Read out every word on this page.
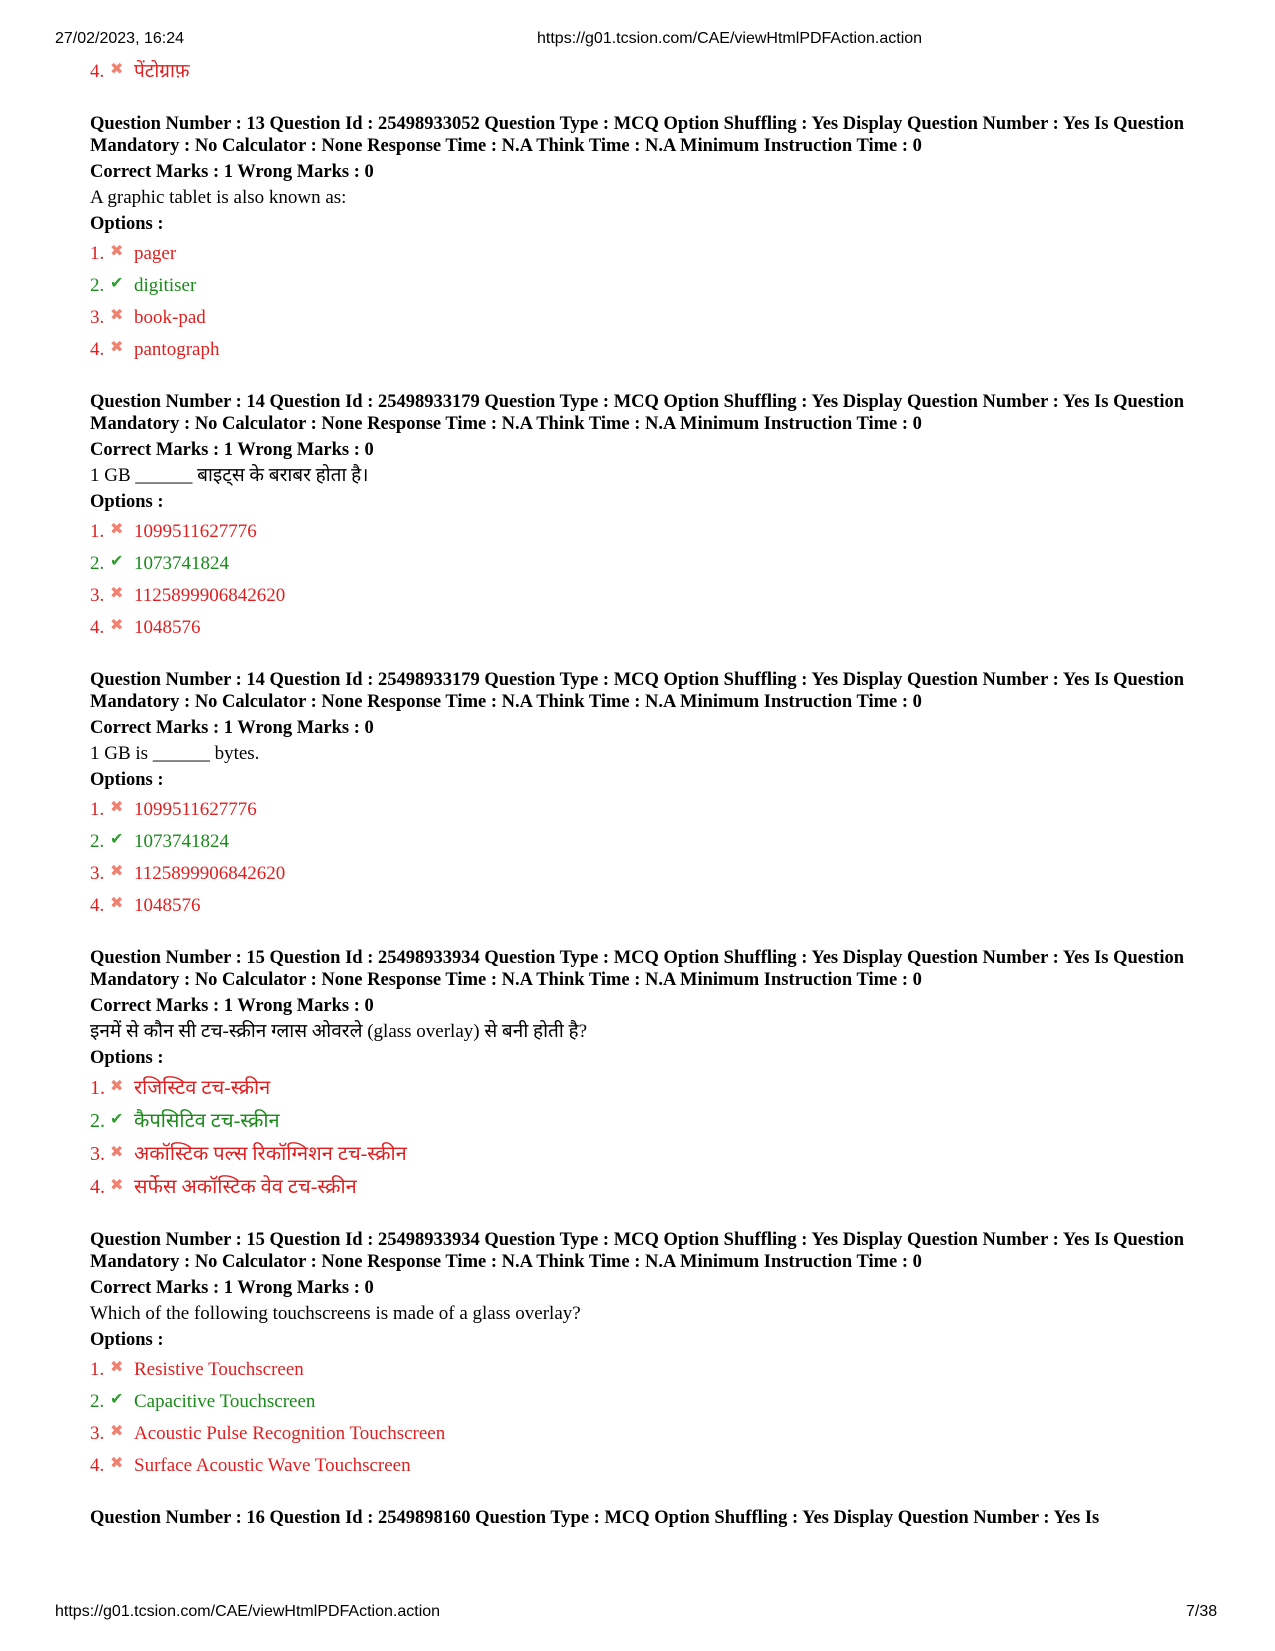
27/02/2023, 16:24	https://g01.tcsion.com/CAE/viewHtmlPDFAction.action
4. ✖ पेंटोग्राफ़
Question Number : 13 Question Id : 25498933052 Question Type : MCQ Option Shuffling : Yes Display Question Number : Yes Is Question Mandatory : No Calculator : None Response Time : N.A Think Time : N.A Minimum Instruction Time : 0
Correct Marks : 1 Wrong Marks : 0
A graphic tablet is also known as:
Options :
1. ✖ pager
2. ✔ digitiser
3. ✖ book-pad
4. ✖ pantograph
Question Number : 14 Question Id : 25498933179 Question Type : MCQ Option Shuffling : Yes Display Question Number : Yes Is Question Mandatory : No Calculator : None Response Time : N.A Think Time : N.A Minimum Instruction Time : 0
Correct Marks : 1 Wrong Marks : 0
1 GB ______ बाइट्स के बराबर होता है।
Options :
1. ✖ 1099511627776
2. ✔ 1073741824
3. ✖ 1125899906842620
4. ✖ 1048576
Question Number : 14 Question Id : 25498933179 Question Type : MCQ Option Shuffling : Yes Display Question Number : Yes Is Question Mandatory : No Calculator : None Response Time : N.A Think Time : N.A Minimum Instruction Time : 0
Correct Marks : 1 Wrong Marks : 0
1 GB is ______ bytes.
Options :
1. ✖ 1099511627776
2. ✔ 1073741824
3. ✖ 1125899906842620
4. ✖ 1048576
Question Number : 15 Question Id : 25498933934 Question Type : MCQ Option Shuffling : Yes Display Question Number : Yes Is Question Mandatory : No Calculator : None Response Time : N.A Think Time : N.A Minimum Instruction Time : 0
Correct Marks : 1 Wrong Marks : 0
इनमें से कौन सी टच-स्क्रीन ग्लास ओवरले (glass overlay) से बनी होती है?
Options :
1. ✖ रजिस्टिव टच-स्क्रीन
2. ✔ कैपसिटिव टच-स्क्रीन
3. ✖ अकॉस्टिक पल्स रिकॉग्निशन टच-स्क्रीन
4. ✖ सर्फेस अकॉस्टिक वेव टच-स्क्रीन
Question Number : 15 Question Id : 25498933934 Question Type : MCQ Option Shuffling : Yes Display Question Number : Yes Is Question Mandatory : No Calculator : None Response Time : N.A Think Time : N.A Minimum Instruction Time : 0
Correct Marks : 1 Wrong Marks : 0
Which of the following touchscreens is made of a glass overlay?
Options :
1. ✖ Resistive Touchscreen
2. ✔ Capacitive Touchscreen
3. ✖ Acoustic Pulse Recognition Touchscreen
4. ✖ Surface Acoustic Wave Touchscreen
Question Number : 16 Question Id : 2549898160 Question Type : MCQ Option Shuffling : Yes Display Question Number : Yes Is
https://g01.tcsion.com/CAE/viewHtmlPDFAction.action	7/38
